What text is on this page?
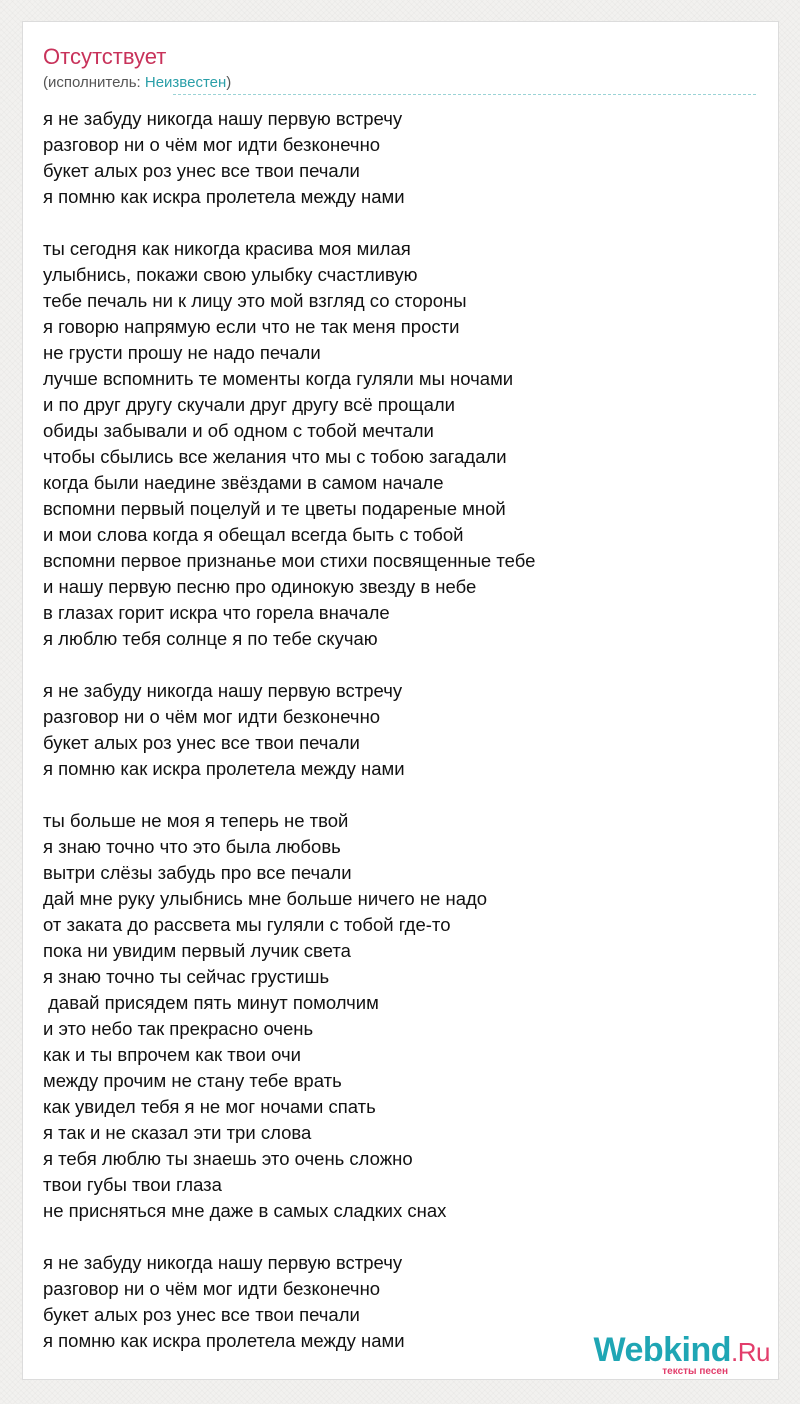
Отсутствует
(исполнитель: Неизвестен)
я не забуду никогда нашу первую встречу
разговор ни о чём мог идти безконечно
букет алых роз унес все твои печали
я помню как искра пролетела между нами
ты сегодня как никогда красива моя милая
улыбнись, покажи свою улыбку счастливую
тебе печаль ни к лицу это мой взгляд со стороны
я говорю напрямую если что не так меня прости
не грусти прошу не надо печали
лучше вспомнить те моменты когда гуляли мы ночами
и по друг другу скучали друг другу всё прощали
обиды забывали и об одном с тобой мечтали
чтобы сбылись все желания что мы с тобою загадали
когда были наедине звёздами в самом начале
вспомни первый поцелуй и те цветы подареные мной
и мои слова когда я обещал всегда быть с тобой
вспомни первое признанье мои стихи посвященные тебе
и нашу первую песню про одинокую звезду в небе
в глазах горит искра что горела вначале
я люблю тебя солнце я по тебе скучаю
я не забуду никогда нашу первую встречу
разговор ни о чём мог идти безконечно
букет алых роз унес все твои печали
я помню как искра пролетела между нами
ты больше не моя я теперь не твой
я знаю точно что это была любовь
вытри слёзы забудь про все печали
дай мне руку улыбнись мне больше ничего не надо
от заката до рассвета мы гуляли с тобой где-то
пока ни увидим первый лучик света
я знаю точно ты сейчас грустишь
давай присядем пять минут помолчим
и это небо так прекрасно очень
как и ты впрочем как твои очи
между прочим не стану тебе врать
как увидел тебя я не мог ночами спать
я так и не сказал эти три слова
я тебя люблю ты знаешь это очень сложно
твои губы твои глаза
не присняться мне даже в самых сладких снах
я не забуду никогда нашу первую встречу
разговор ни о чём мог идти безконечно
букет алых роз унес все твои печали
я помню как искра пролетела между нами	Webkind.Ru
тексты песен
